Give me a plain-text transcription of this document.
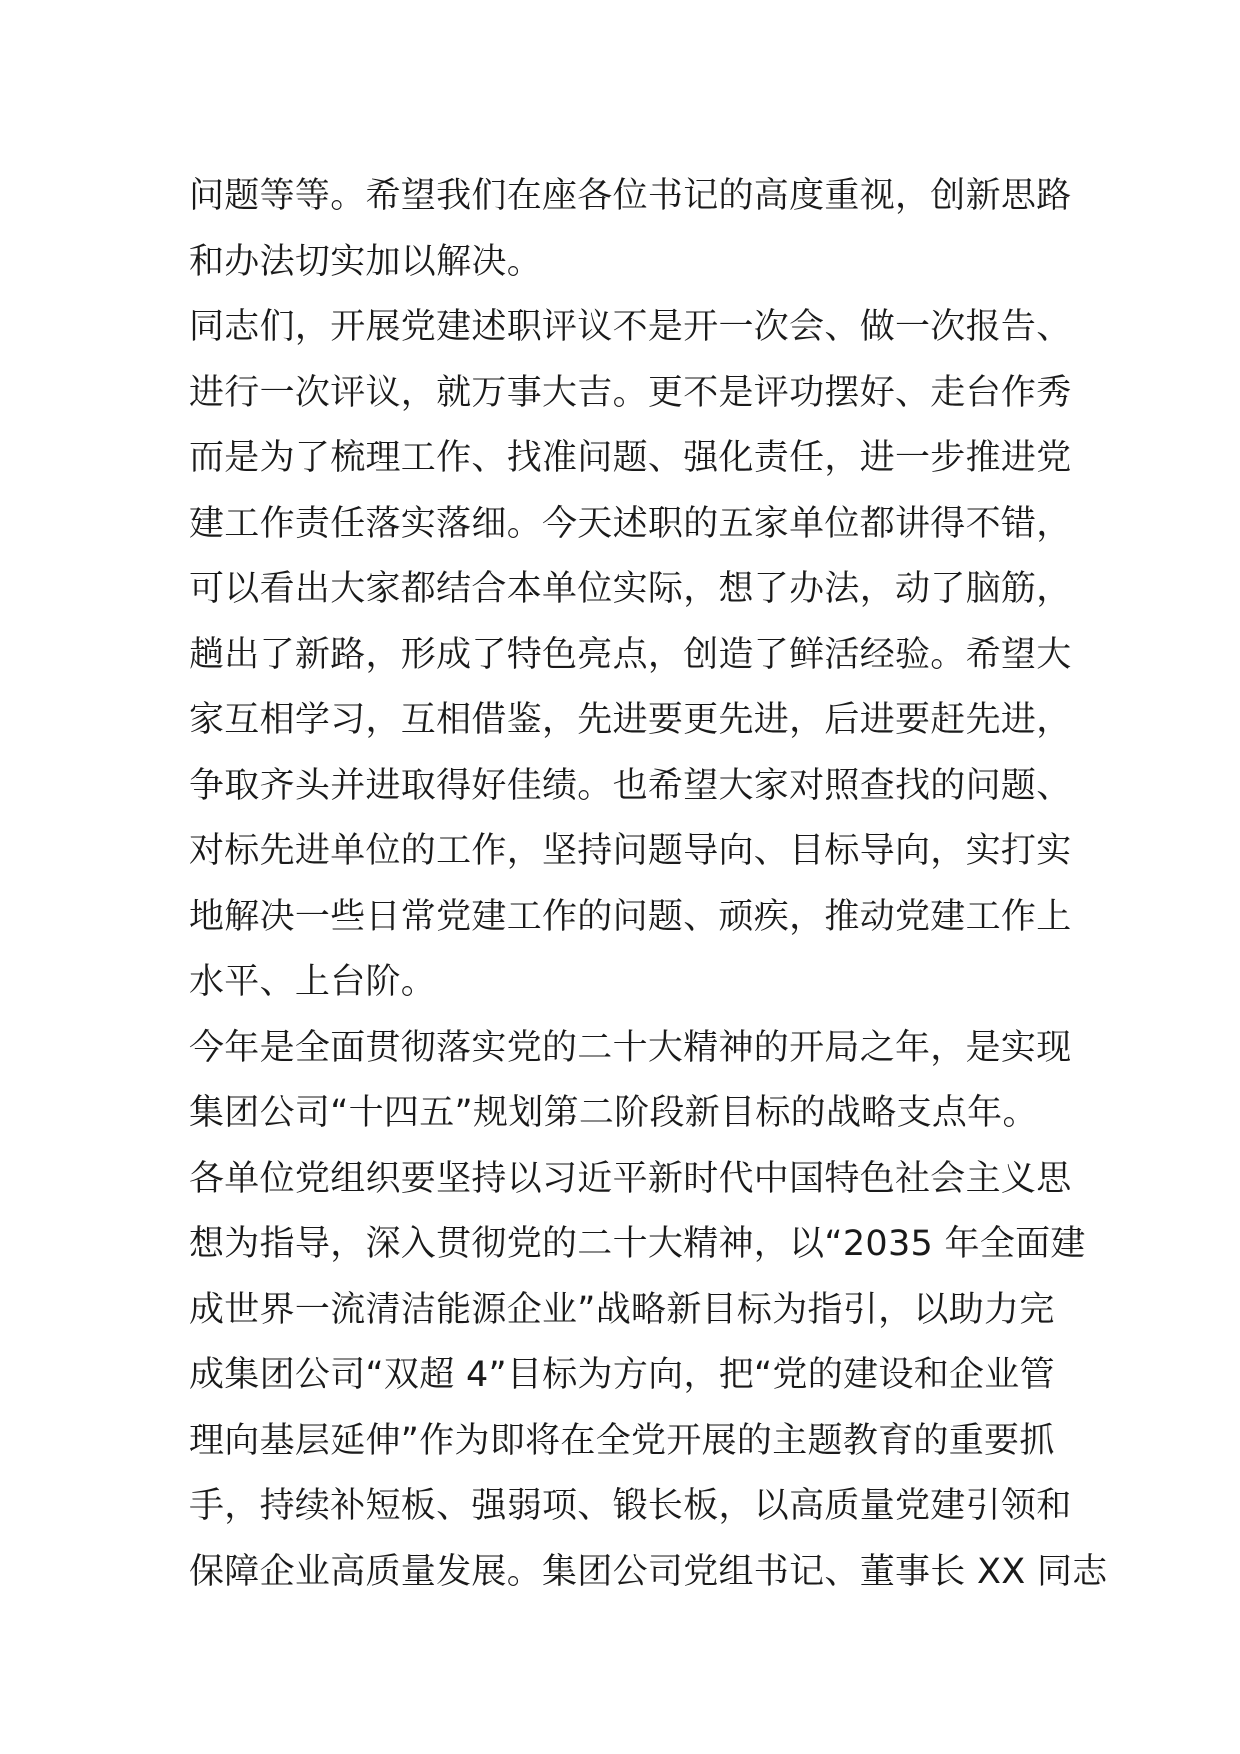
问题等等。希望我们在座各位书记的高度重视，创新思路
和办法切实加以解决。
同志们，开展党建述职评议不是开一次会、做一次报告、
进行一次评议，就万事大吉。更不是评功摆好、走台作秀
而是为了梳理工作、找准问题、强化责任，进一步推进党
建工作责任落实落细。今天述职的五家单位都讲得不错，
可以看出大家都结合本单位实际，想了办法，动了脑筋，
趟出了新路，形成了特色亮点，创造了鲜活经验。希望大
家互相学习，互相借鉴，先进要更先进，后进要赶先进，
争取齐头并进取得好佳绩。也希望大家对照查找的问题、
对标先进单位的工作，坚持问题导向、目标导向，实打实
地解决一些日常党建工作的问题、顽疾，推动党建工作上
水平、上台阶。
今年是全面贯彻落实党的二十大精神的开局之年，是实现
集团公司“十四五”规划第二阶段新目标的战略支点年。
各单位党组织要坚持以习近平新时代中国特色社会主义思
想为指导，深入贯彻党的二十大精神，以“2035 年全面建
成世界一流清洁能源企业”战略新目标为指引，以助力完
成集团公司“双超 4”目标为方向，把“党的建设和企业管
理向基层延伸”作为即将在全党开展的主题教育的重要抓
手，持续补短板、强弱项、锻长板，以高质量党建引领和
保障企业高质量发展。集团公司党组书记、董事长 XX 同志
